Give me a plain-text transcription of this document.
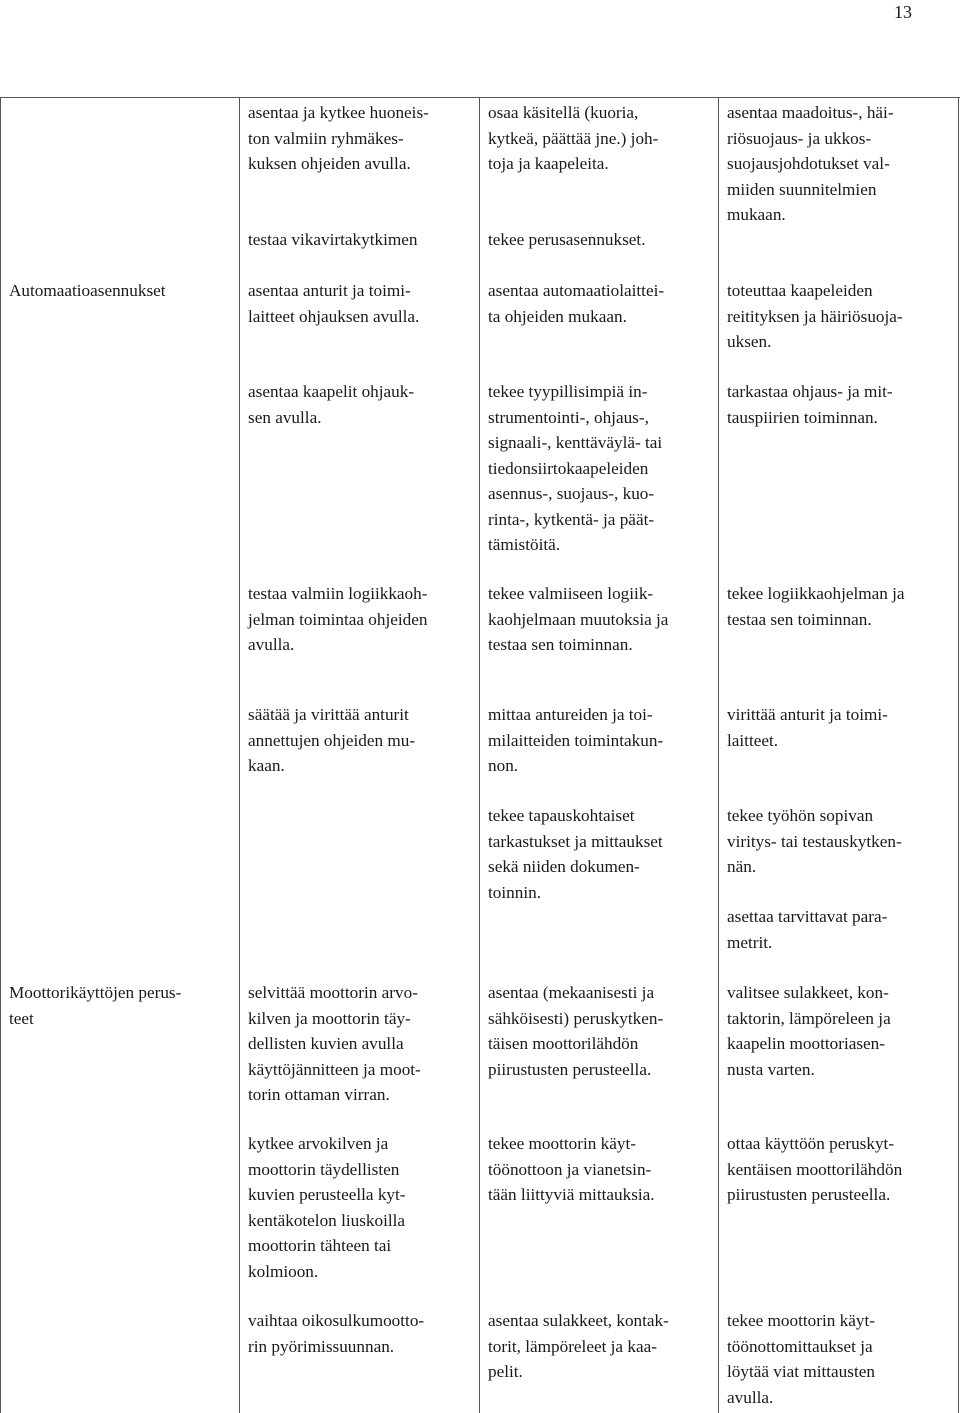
13
asentaa ja kytkee huoneis-
ton valmiin ryhmäkes-
kuksen ohjeiden avulla.
osaa käsitellä (kuoria,
kytkeä, päättää jne.) joh-
toja ja kaapeleita.
asentaa maadoitus-, häi-
riösuojaus- ja ukkos-
suojausjohdotukset val-
miiden suunnitelmien
mukaan.
testaa vikavirtakytkimen	tekee perusasennukset.
Automaatioasennukset	asentaa anturit ja toimi-
laitteet ohjauksen avulla.
asentaa automaatiolaittei-
ta ohjeiden mukaan.
toteuttaa kaapeleiden
reitityksen ja häiriösuoja-
uksen.
asentaa kaapelit ohjauk-
sen avulla.
tekee tyypillisimpiä in-
strumentointi-, ohjaus-,
signaali-, kenttäväylä- tai
tiedonsiirtokaapeleiden
asennus-, suojaus-, kuo-
rinta-, kytkentä- ja päät-
tämistöitä.
tarkastaa ohjaus- ja mit-
tauspiirien toiminnan.
testaa valmiin logiikkaoh-
jelman toimintaa ohjeiden
avulla.
tekee valmiiseen logiik-
kaohjelmaan muutoksia ja
testaa sen toiminnan.
tekee logiikkaohjelman ja
testaa sen toiminnan.
säätää ja virittää anturit
annettujen ohjeiden mu-
kaan.
mittaa antureiden ja toi-
milaitteiden toimintakun-
non.
virittää anturit ja toimi-
laitteet.
tekee tapauskohtaiset
tarkastukset ja mittaukset
sekä niiden dokumen-
toinnin.
tekee työhön sopivan
viritys- tai testauskytken-
nän.
asettaa tarvittavat para-
metrit.
Moottorikäyttöjen perus-
teet
selvittää moottorin arvo-
kilven ja moottorin täy-
dellisten kuvien avulla
käyttöjännitteen ja moot-
torin ottaman virran.
asentaa (mekaanisesti ja
sähköisesti) peruskytken-
täisen moottorilähdön
piirustusten perusteella.
valitsee sulakkeet, kon-
taktorin, lämpöreleen ja
kaapelin moottoriasen-
nusta varten.
kytkee arvokilven ja
moottorin täydellisten
kuvien perusteella kyt-
kentäkotelon liuskoilla
moottorin tähteen tai
kolmioon.
tekee moottorin käyt-
töönottoon ja vianetsin-
tään liittyviä mittauksia.
ottaa käyttöön peruskyt-
kentäisen moottorilähdön
piirustusten perusteella.
vaihtaa oikosulkumootto-
rin pyörimissuunnan.
asentaa sulakkeet, kontak-
torit, lämpöreleet ja kaa-
pelit.
tekee moottorin käyt-
töönottomittaukset ja
löytää viat mittausten
avulla.
